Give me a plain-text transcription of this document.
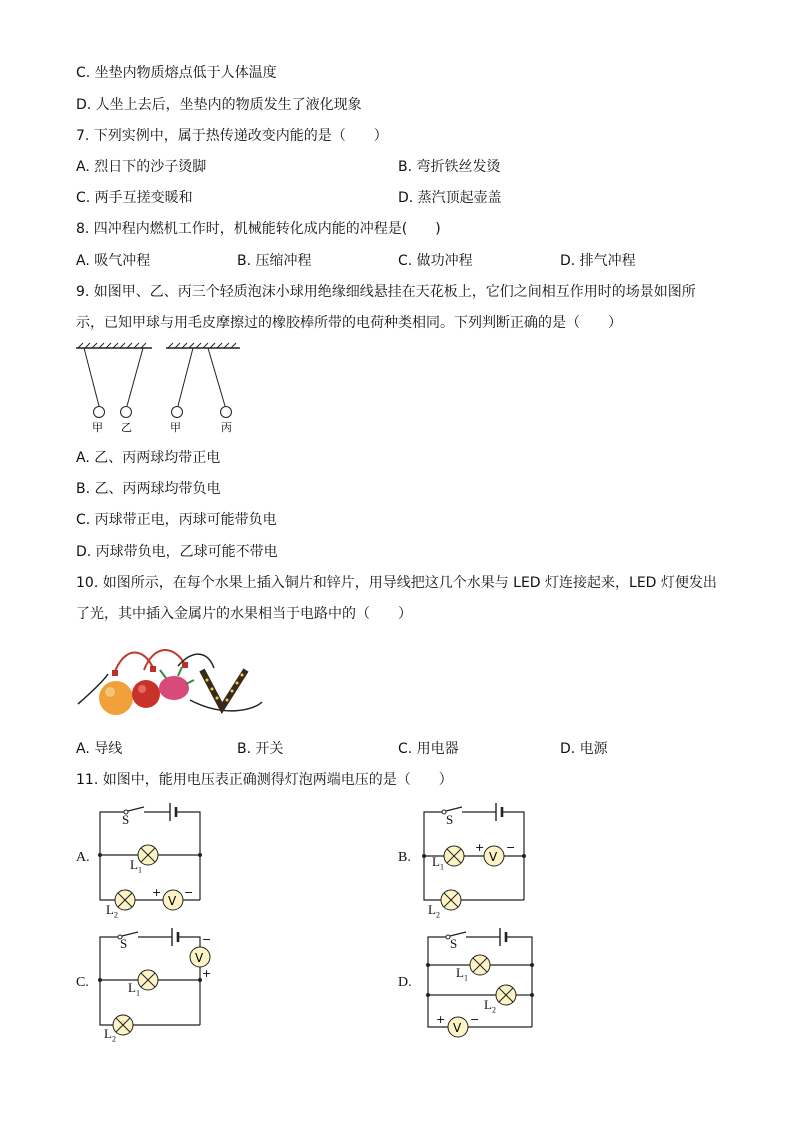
C. 坐垫内物质熔点低于人体温度
D. 人坐上去后，坐垫内的物质发生了液化现象
7. 下列实例中，属于热传递改变内能的是（　　）
A. 烈日下的沙子烫脚	B. 弯折铁丝发烫
C. 两手互搓变暖和	D. 蒸汽顶起壶盖
8. 四冲程内燃机工作时，机械能转化成内能的冲程是(　　)
A. 吸气冲程	B. 压缩冲程	C. 做功冲程	D. 排气冲程
9. 如图甲、乙、丙三个轻质泡沫小球用绝缘细线悬挂在天花板上，它们之间相互作用时的场景如图所
示，已知甲球与用毛皮摩擦过的橡胶棒所带的电荷种类相同。下列判断正确的是（　　）
甲 乙	甲	丙
A. 乙、丙两球均带正电
B. 乙、丙两球均带负电
C. 丙球带正电，丙球可能带负电
D. 丙球带负电，乙球可能不带电
10. 如图所示，在每个水果上插入铜片和锌片，用导线把这几个水果与 LED 灯连接起来，LED 灯便发出
了光，其中插入金属片的水果相当于电路中的（　　）
A. 导线	B. 开关	C. 用电器	D. 电源
11. 如图中，能用电压表正确测得灯泡两端电压的是（　　）
A.	B.
C.	D.
V
+ −
S
$L_1$
$L_2$
V
+ −
S
$L_1$
$L_2$
V
−
+
S
$L_1$
$L_2$
V
+ −
S
$L_1$
$L_2$
